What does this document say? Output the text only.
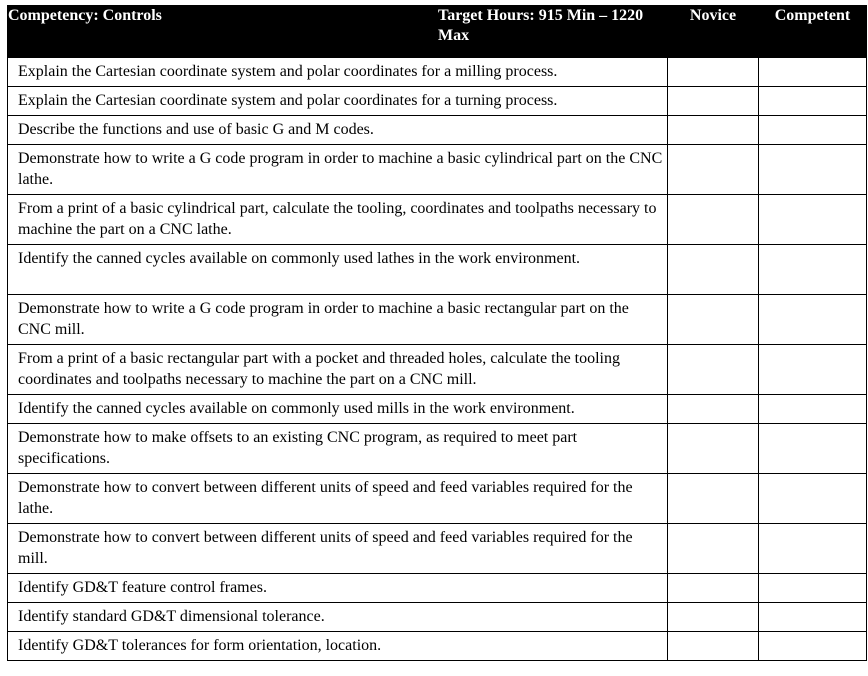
Competency: Controls	Target Hours: 915 Min – 1220 Max	Novice	Competent
Explain the Cartesian coordinate system and polar coordinates for a milling process.			
Explain the Cartesian coordinate system and polar coordinates for a turning process.			
Describe the functions and use of basic G and M codes.			
Demonstrate how to write a G code program in order to machine a basic cylindrical part on the CNC lathe.			
From a print of a basic cylindrical part, calculate the tooling, coordinates and toolpaths necessary to machine the part on a CNC lathe.			
Identify the canned cycles available on commonly used lathes in the work environment.			
Demonstrate how to write a G code program in order to machine a basic rectangular part on the CNC mill.			
From a print of a basic rectangular part with a pocket and threaded holes, calculate the tooling coordinates and toolpaths necessary to machine the part on a CNC mill.			
Identify the canned cycles available on commonly used mills in the work environment.			
Demonstrate how to make offsets to an existing CNC program, as required to meet part specifications.			
Demonstrate how to convert between different units of speed and feed variables required for the lathe.			
Demonstrate how to convert between different units of speed and feed variables required for the mill.			
Identify GD&T feature control frames.			
Identify standard GD&T dimensional tolerance.			
Identify GD&T tolerances for form orientation, location.			
